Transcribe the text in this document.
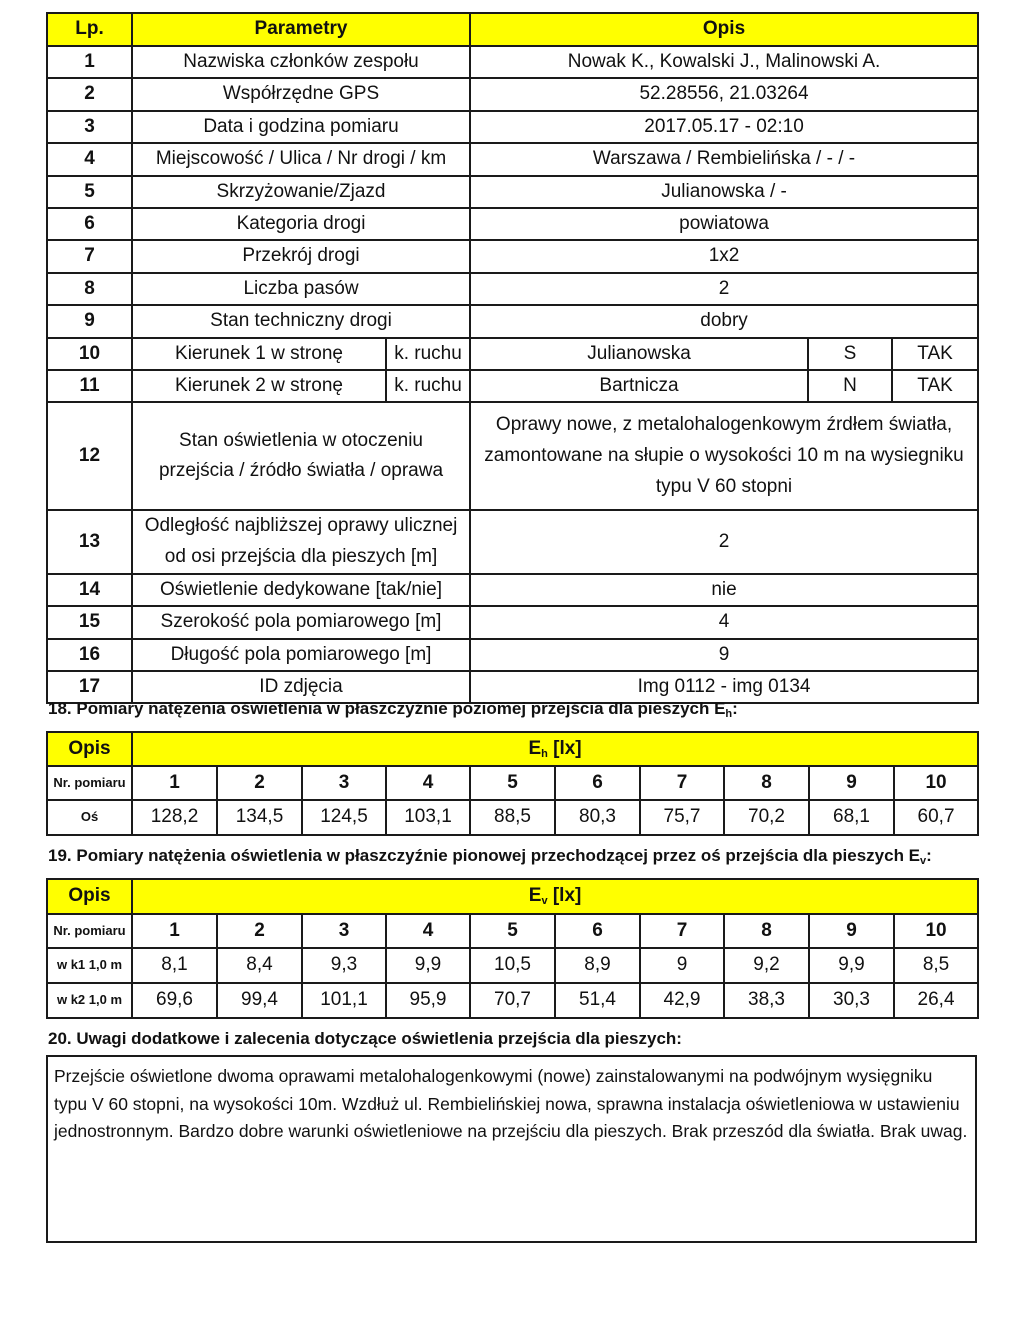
Lp.	Parametry		Opis		
1	Nazwiska członków zespołu		Nowak K., Kowalski J., Malinowski A.		
2	Współrzędne GPS		52.28556, 21.03264		
3	Data i godzina pomiaru		2017.05.17 - 02:10		
4	Miejscowość / Ulica / Nr drogi / km		Warszawa / Rembielińska / - / -		
5	Skrzyżowanie/Zjazd		Julianowska / -		
6	Kategoria drogi		powiatowa		
7	Przekrój drogi		1x2		
8	Liczba pasów		2		
9	Stan techniczny drogi		dobry		
10	Kierunek 1 w stronę	k. ruchu	Julianowska	S	TAK
11	Kierunek 2 w stronę	k. ruchu	Bartnicza	N	TAK
12	Stan oświetlenia w otoczeniu przejścia / źródło światła / oprawa		Oprawy nowe, z metalohalogenkowym źrdłem światła, zamontowane na słupie o wysokości 10 m na wysiegniku typu V 60 stopni		
13	Odległość najbliższej oprawy ulicznej od osi przejścia dla pieszych [m]		2		
14	Oświetlenie dedykowane [tak/nie]		nie		
15	Szerokość pola pomiarowego [m]		4		
16	Długość pola pomiarowego [m]		9		
17	ID zdjęcia		Img 0112 - img 0134		
18. Pomiary natężenia oświetlenia w płaszczyźnie poziomej przejścia dla pieszych $E_h$:
Opis	$E_h$ [lx]									
Nr. pomiaru	1	2	3	4	5	6	7	8	9	10
Oś	128,2	134,5	124,5	103,1	88,5	80,3	75,7	70,2	68,1	60,7
19. Pomiary natężenia oświetlenia w płaszczyźnie pionowej przechodzącej przez oś przejścia dla pieszych $E_v$:
Opis	$E_v$ [lx]									
Nr. pomiaru	1	2	3	4	5	6	7	8	9	10
w k1 1,0 m	8,1	8,4	9,3	9,9	10,5	8,9	9	9,2	9,9	8,5
w k2 1,0 m	69,6	99,4	101,1	95,9	70,7	51,4	42,9	38,3	30,3	26,4
20. Uwagi dodatkowe i zalecenia dotyczące oświetlenia przejścia dla pieszych:
Przejście oświetlone dwoma oprawami metalohalogenkowymi (nowe) zainstalowanymi na podwójnym wysięgniku typu V 60 stopni, na wysokości 10m. Wzdłuż ul. Rembielińskiej nowa, sprawna instalacja oświetleniowa w ustawieniu jednostronnym. Bardzo dobre warunki oświetleniowe na przejściu dla pieszych. Brak przeszód dla światła. Brak uwag.
